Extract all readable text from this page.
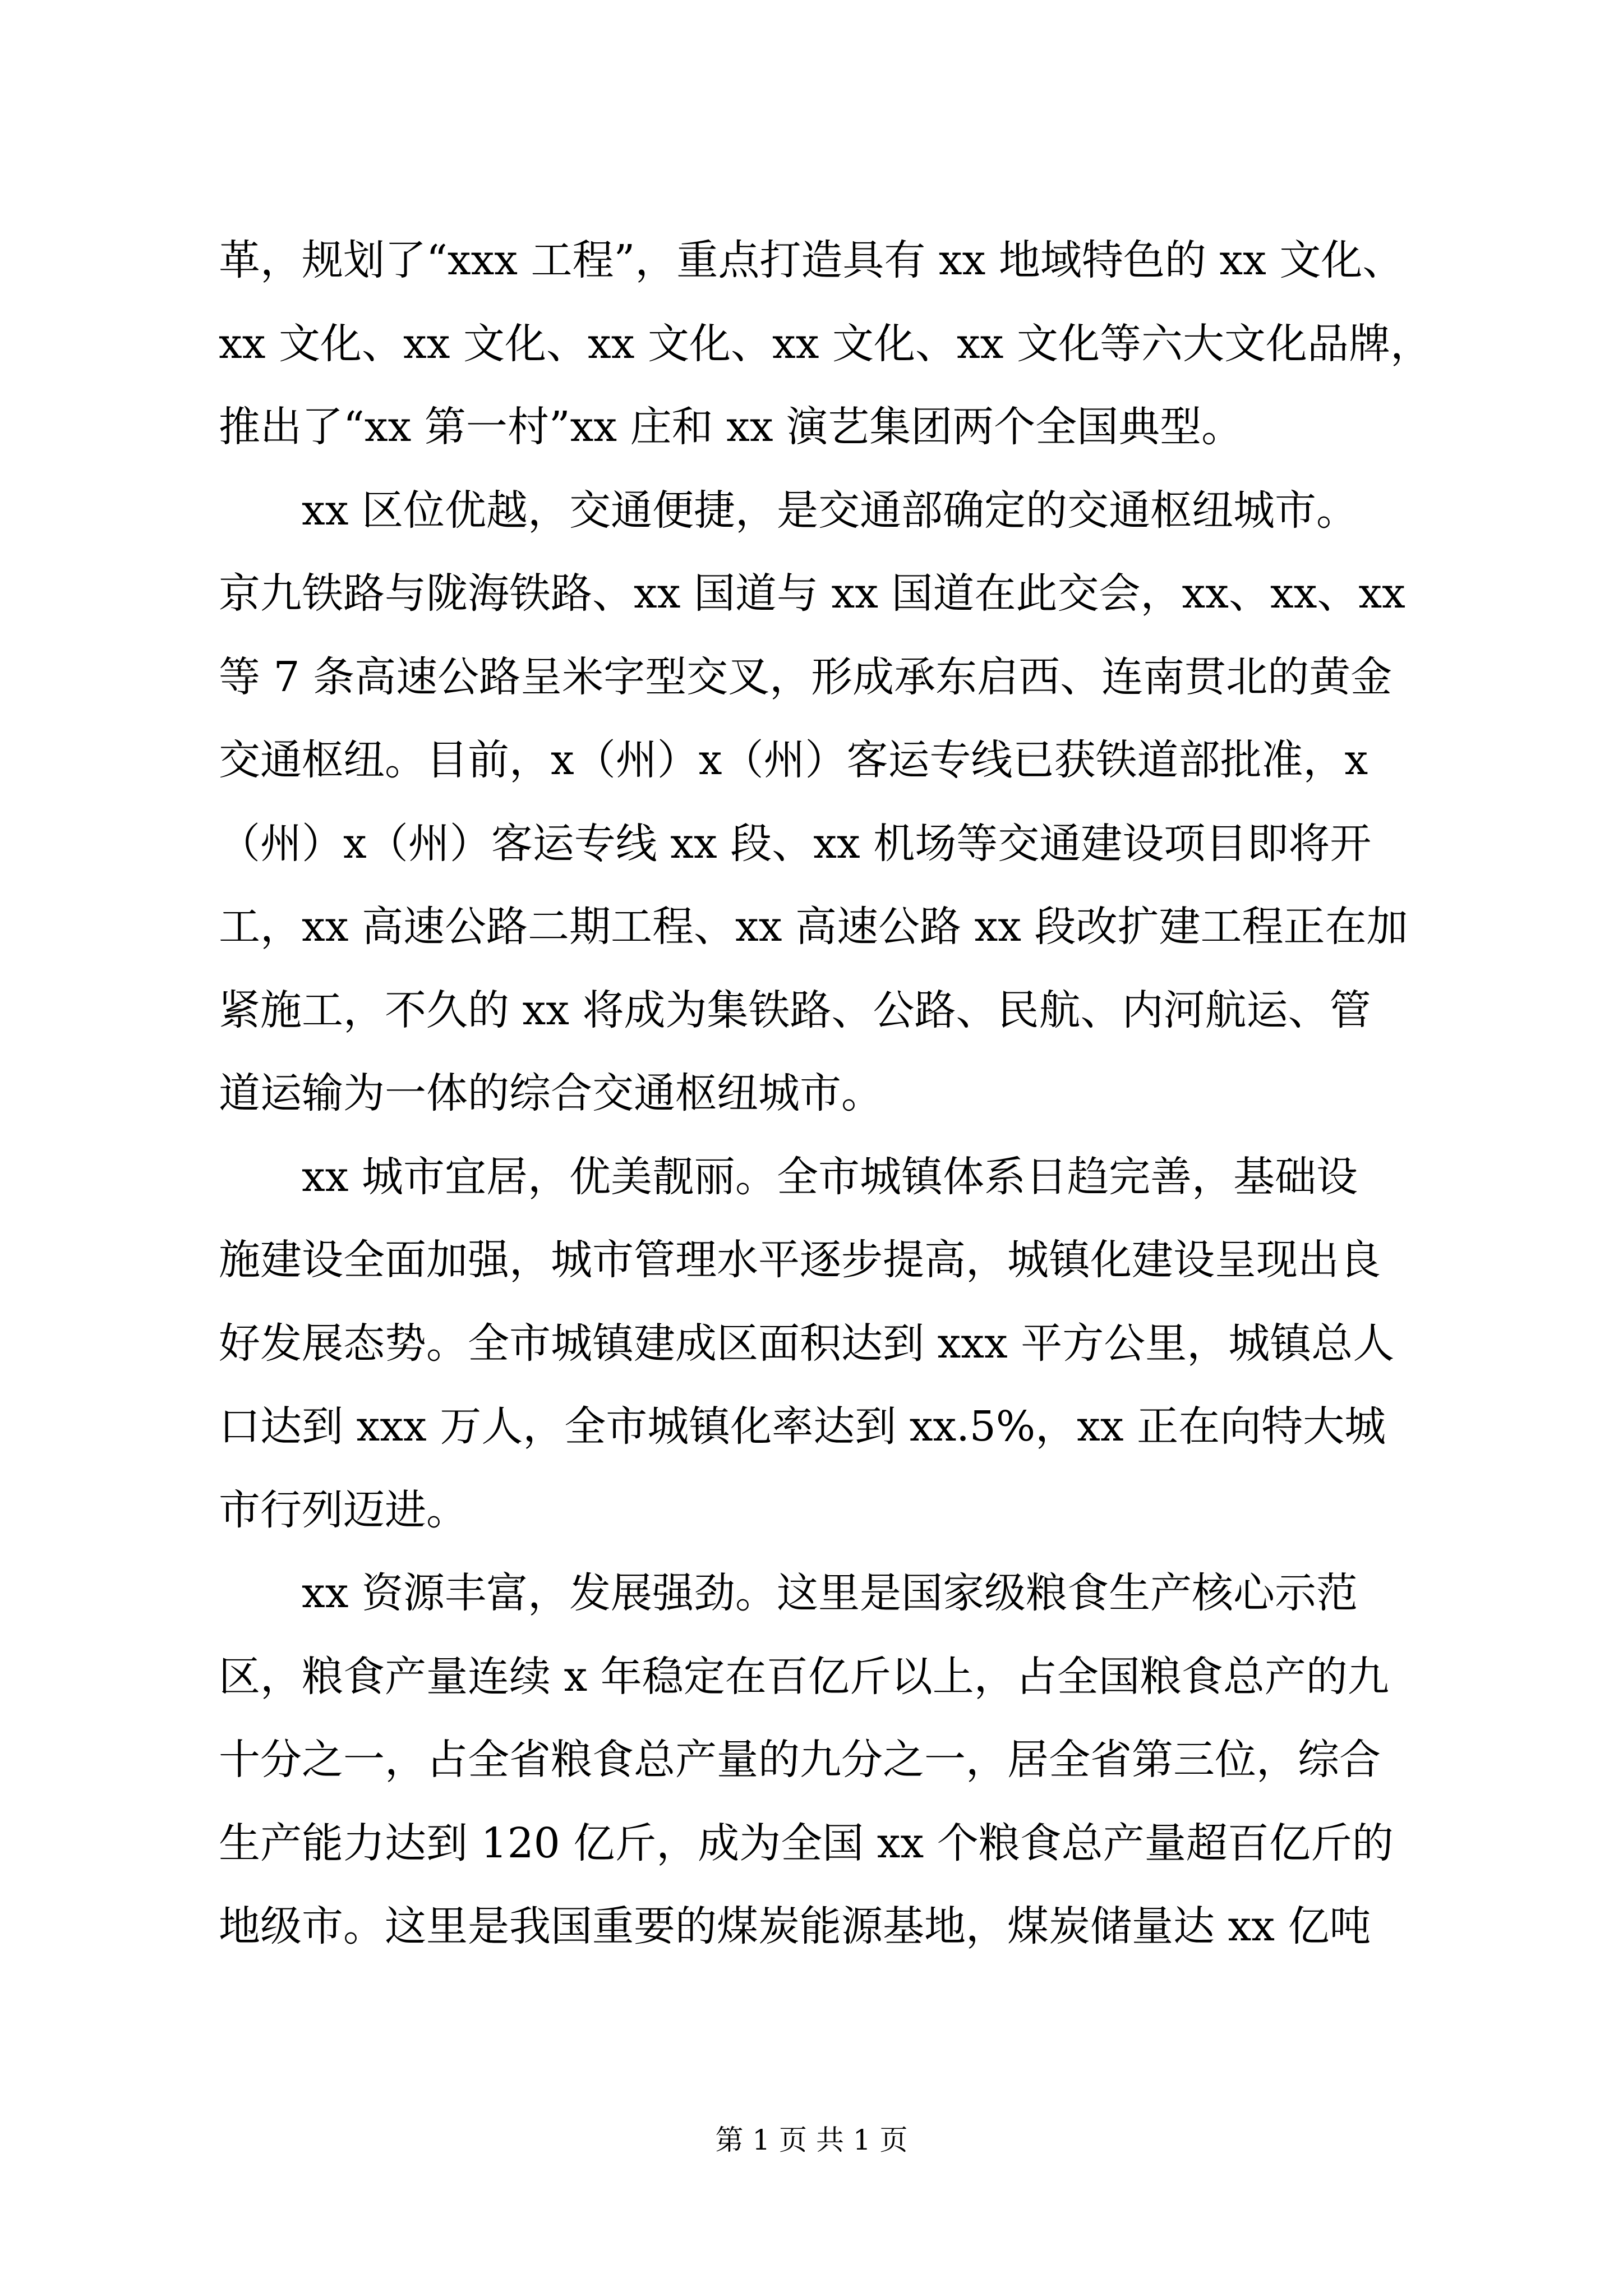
革，规划了“xxx 工程”，重点打造具有 xx 地域特色的 xx 文化、
xx 文化、xx 文化、xx 文化、xx 文化、xx 文化等六大文化品牌，
推出了“xx 第一村”xx 庄和 xx 演艺集团两个全国典型。
　　xx 区位优越，交通便捷，是交通部确定的交通枢纽城市。
京九铁路与陇海铁路、xx 国道与 xx 国道在此交会，xx、xx、xx
等 7 条高速公路呈米字型交叉，形成承东启西、连南贯北的黄金
交通枢纽。目前，x（州）x（州）客运专线已获铁道部批准，x
（州）x（州）客运专线 xx 段、xx 机场等交通建设项目即将开
工，xx 高速公路二期工程、xx 高速公路 xx 段改扩建工程正在加
紧施工，不久的 xx 将成为集铁路、公路、民航、内河航运、管
道运输为一体的综合交通枢纽城市。
　　xx 城市宜居，优美靓丽。全市城镇体系日趋完善，基础设
施建设全面加强，城市管理水平逐步提高，城镇化建设呈现出良
好发展态势。全市城镇建成区面积达到 xxx 平方公里，城镇总人
口达到 xxx 万人，全市城镇化率达到 xx.5%，xx 正在向特大城
市行列迈进。
　　xx 资源丰富，发展强劲。这里是国家级粮食生产核心示范
区，粮食产量连续 x 年稳定在百亿斤以上，占全国粮食总产的九
十分之一，占全省粮食总产量的九分之一，居全省第三位，综合
生产能力达到 120 亿斤，成为全国 xx 个粮食总产量超百亿斤的
地级市。这里是我国重要的煤炭能源基地，煤炭储量达 xx 亿吨
第 1 页 共 1 页
